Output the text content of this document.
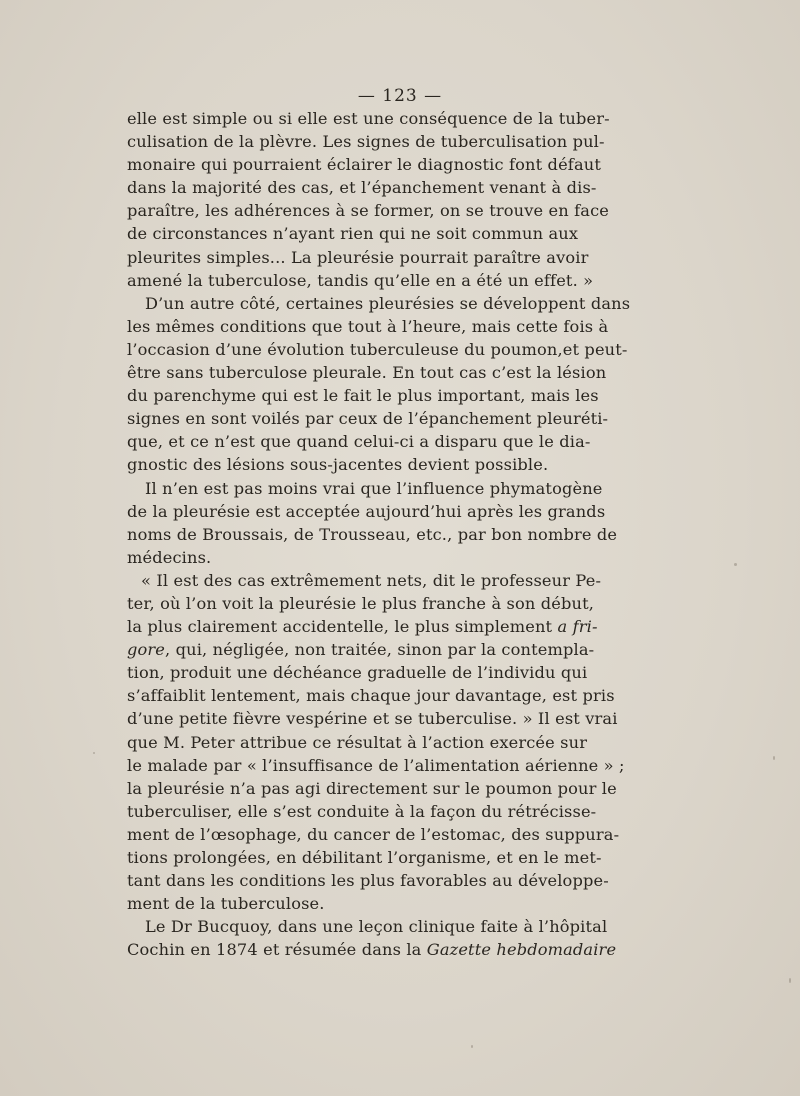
— 123 —
elle est simple ou si elle est une conséquence de la tuber-
culisation de la plèvre. Les signes de tuberculisation pul-
monaire qui pourraient éclairer le diagnostic font défaut
dans la majorité des cas, et l’épanchement venant à dis-
paraître, les adhérences à se former, on se trouve en face
de circonstances n’ayant rien qui ne soit commun aux
pleurites simples... La pleurésie pourrait paraître avoir
amené la tuberculose, tandis qu’elle en a été un effet. »
D’un autre côté, certaines pleurésies se développent dans
les mêmes conditions que tout à l’heure, mais cette fois à
l’occasion d’une évolution tuberculeuse du poumon,et peut-
être sans tuberculose pleurale. En tout cas c’est la lésion
du parenchyme qui est le fait le plus important, mais les
signes en sont voilés par ceux de l’épanchement pleuréti-
que, et ce n’est que quand celui-ci a disparu que le dia-
gnostic des lésions sous-jacentes devient possible.
Il n’en est pas moins vrai que l’influence phymatogène
de la pleurésie est acceptée aujourd’hui après les grands
noms de Broussais, de Trousseau, etc., par bon nombre de
médecins.
« Il est des cas extrêmement nets, dit le professeur Pe-
ter, où l’on voit la pleurésie le plus franche à son début,
la plus clairement accidentelle, le plus simplement a fri-
gore, qui, négligée, non traitée, sinon par la contempla-
tion, produit une déchéance graduelle de l’individu qui
s’affaiblit lentement, mais chaque jour davantage, est pris
d’une petite fièvre vespérine et se tuberculise. » Il est vrai
que M. Peter attribue ce résultat à l’action exercée sur
le malade par « l’insuffisance de l’alimentation aérienne » ;
la pleurésie n’a pas agi directement sur le poumon pour le
tuberculiser, elle s’est conduite à la façon du rétrécisse-
ment de l’œsophage, du cancer de l’estomac, des suppura-
tions prolongées, en débilitant l’organisme, et en le met-
tant dans les conditions les plus favorables au développe-
ment de la tuberculose.
Le Dr Bucquoy, dans une leçon clinique faite à l’hôpital
Cochin en 1874 et résumée dans la Gazette hebdomadaire
